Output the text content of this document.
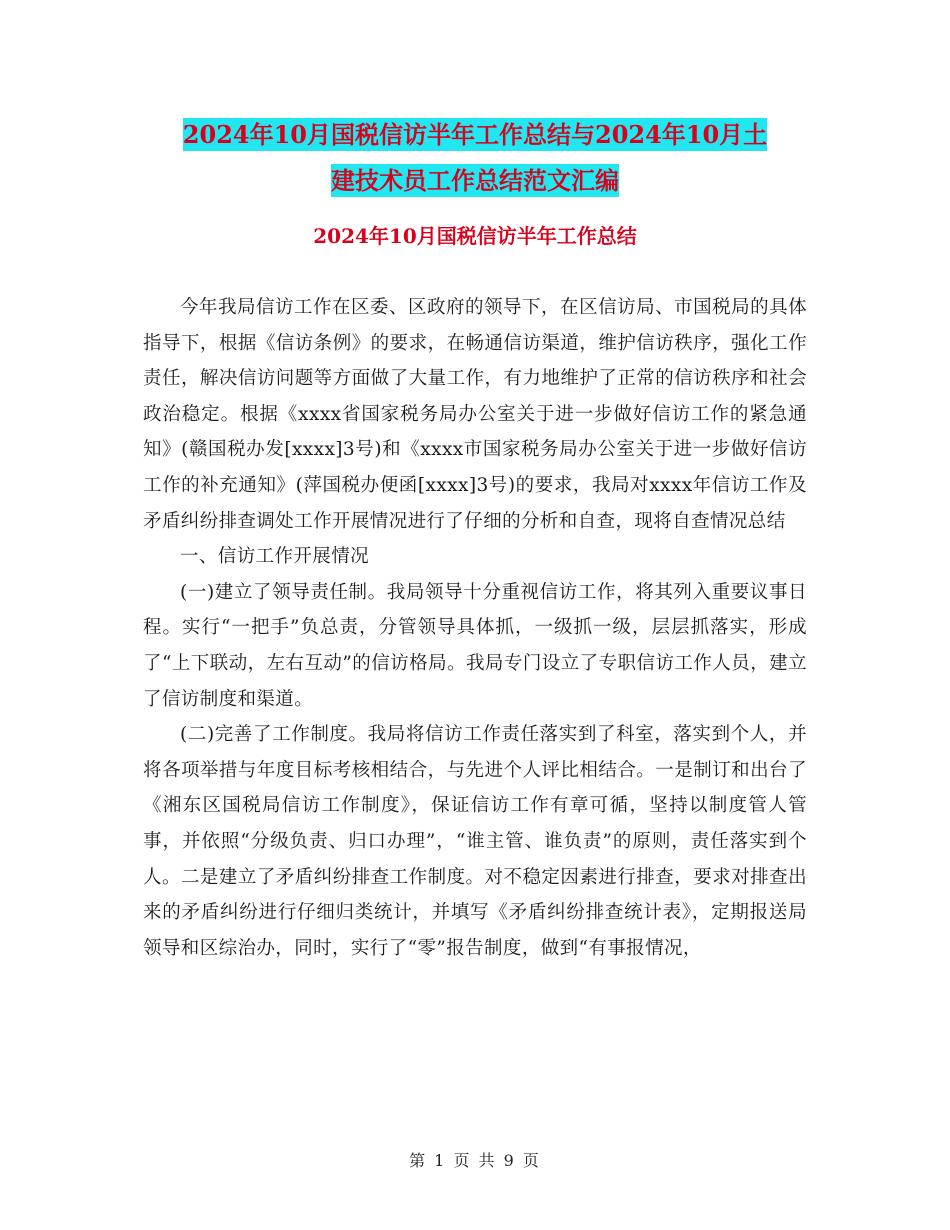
2024年10月国税信访半年工作总结与2024年10月土
建技术员工作总结范文汇编
2024年10月国税信访半年工作总结

今年我局信访工作在区委、区政府的领导下，在区信访局、市国税局的具体指导下，根据《信访条例》的要求，在畅通信访渠道，维护信访秩序，强化工作责任，解决信访问题等方面做了大量工作，有力地维护了正常的信访秩序和社会政治稳定。根据《xxxx省国家税务局办公室关于进一步做好信访工作的紧急通知》(赣国税办发[xxxx]3号)和《xxxx市国家税务局办公室关于进一步做好信访工作的补充通知》(萍国税办便函[xxxx]3号)的要求，我局对xxxx年信访工作及矛盾纠纷排查调处工作开展情况进行了仔细的分析和自查，现将自查情况总结

一、信访工作开展情况

(一)建立了领导责任制。我局领导十分重视信访工作，将其列入重要议事日程。实行“一把手”负总责，分管领导具体抓，一级抓一级，层层抓落实，形成了“上下联动，左右互动”的信访格局。我局专门设立了专职信访工作人员，建立了信访制度和渠道。

(二)完善了工作制度。我局将信访工作责任落实到了科室，落实到个人，并将各项举措与年度目标考核相结合，与先进个人评比相结合。一是制订和出台了《湘东区国税局信访工作制度》，保证信访工作有章可循，坚持以制度管人管事，并依照“分级负责、归口办理”，“谁主管、谁负责”的原则，责任落实到个人。二是建立了矛盾纠纷排查工作制度。对不稳定因素进行排查，要求对排查出来的矛盾纠纷进行仔细归类统计，并填写《矛盾纠纷排查统计表》，定期报送局领导和区综治办，同时，实行了“零”报告制度，做到“有事报情况，

第 1 页 共 9 页
